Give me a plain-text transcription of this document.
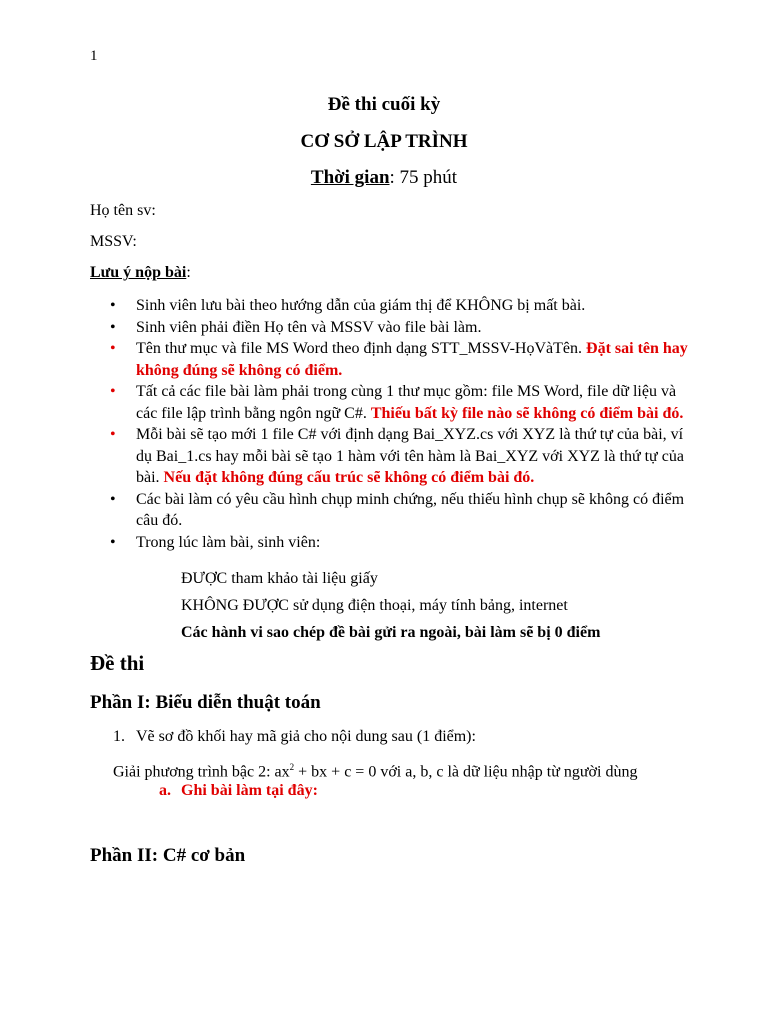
1
Đề thi cuối kỳ
CƠ SỞ LẬP TRÌNH
Thời gian: 75 phút
Họ tên sv:
MSSV:
Lưu ý nộp bài:
• Sinh viên lưu bài theo hướng dẫn của giám thị để KHÔNG bị mất bài.
• Sinh viên phải điền Họ tên và MSSV vào file bài làm.
• Tên thư mục và file MS Word theo định dạng STT_MSSV-HọVàTên. Đặt sai tên hay không đúng sẽ không có điểm.
• Tất cả các file bài làm phải trong cùng 1 thư mục gồm: file MS Word, file dữ liệu và các file lập trình bằng ngôn ngữ C#. Thiếu bất kỳ file nào sẽ không có điểm bài đó.
• Mỗi bài sẽ tạo mới 1 file C# với định dạng Bai_XYZ.cs với XYZ là thứ tự của bài, ví dụ Bai_1.cs hay mỗi bài sẽ tạo 1 hàm với tên hàm là Bai_XYZ với XYZ là thứ tự của bài. Nếu đặt không đúng cấu trúc sẽ không có điểm bài đó.
• Các bài làm có yêu cầu hình chụp minh chứng, nếu thiếu hình chụp sẽ không có điểm câu đó.
• Trong lúc làm bài, sinh viên:
ĐƯỢC tham khảo tài liệu giấy
KHÔNG ĐƯỢC sử dụng điện thoại, máy tính bảng, internet
Các hành vi sao chép đề bài gửi ra ngoài, bài làm sẽ bị 0 điểm
Đề thi
Phần I: Biểu diễn thuật toán
1. Vẽ sơ đồ khối hay mã giả cho nội dung sau (1 điểm):
Giải phương trình bậc 2: $ax^2$ + bx + c = 0 với a, b, c là dữ liệu nhập từ người dùng
a. Ghi bài làm tại đây:
Phần II: C# cơ bản
